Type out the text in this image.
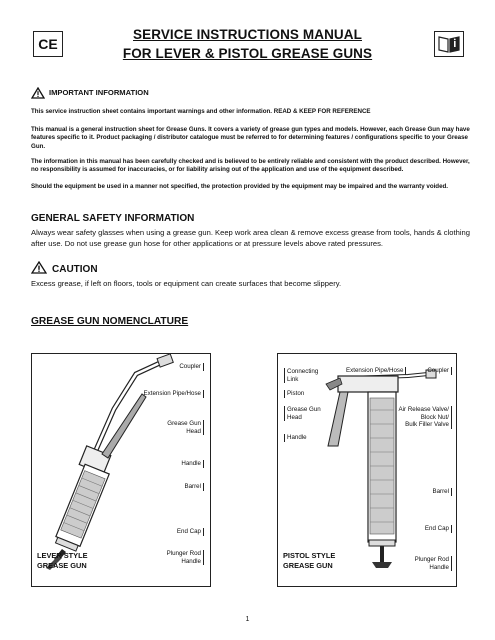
CE
SERVICE INSTRUCTIONS MANUAL
FOR LEVER & PISTOL GREASE GUNS
IMPORTANT INFORMATION
This service instruction sheet contains important warnings and other information. READ & KEEP FOR REFERENCE
This manual is a general instruction sheet for Grease Guns. It covers a variety of grease gun types and models. However, each Grease Gun may have features specific to it. Product packaging / distributor catalogue must be referred to for determining features / configurations specific to your Grease Gun.
The information in this manual has been carefully checked and is believed to be entirely reliable and consistent with the product described. However, no responsibility is assumed for inaccuracies, or for liability arising out of the application and use of the equipment described.
Should the equipment be used in a manner not specified, the protection provided by the equipment may be impaired and the warranty voided.
GENERAL SAFETY INFORMATION
Always wear safety glasses when using a grease gun. Keep work area clean & remove excess grease from tools, hands & clothing after use. Do not use grease gun hose for other applications or at pressure levels above rated pressures.
CAUTION
Excess grease, if left on floors, tools or equipment can create surfaces that become slippery.
GREASE GUN NOMENCLATURE
Coupler
Extension Pipe/Hose
Grease Gun
Head
Handle
Barrel
End Cap
Plunger Rod
Handle
LEVER STYLE
GREASE GUN
Connecting
Link
Piston
Grease Gun
Head
Handle
Extension Pipe/Hose	Coupler
Air Release Valve/
Block Nut/
Bulk Filler Valve
Barrel
End Cap
Plunger Rod
Handle
PISTOL STYLE
GREASE GUN
1
